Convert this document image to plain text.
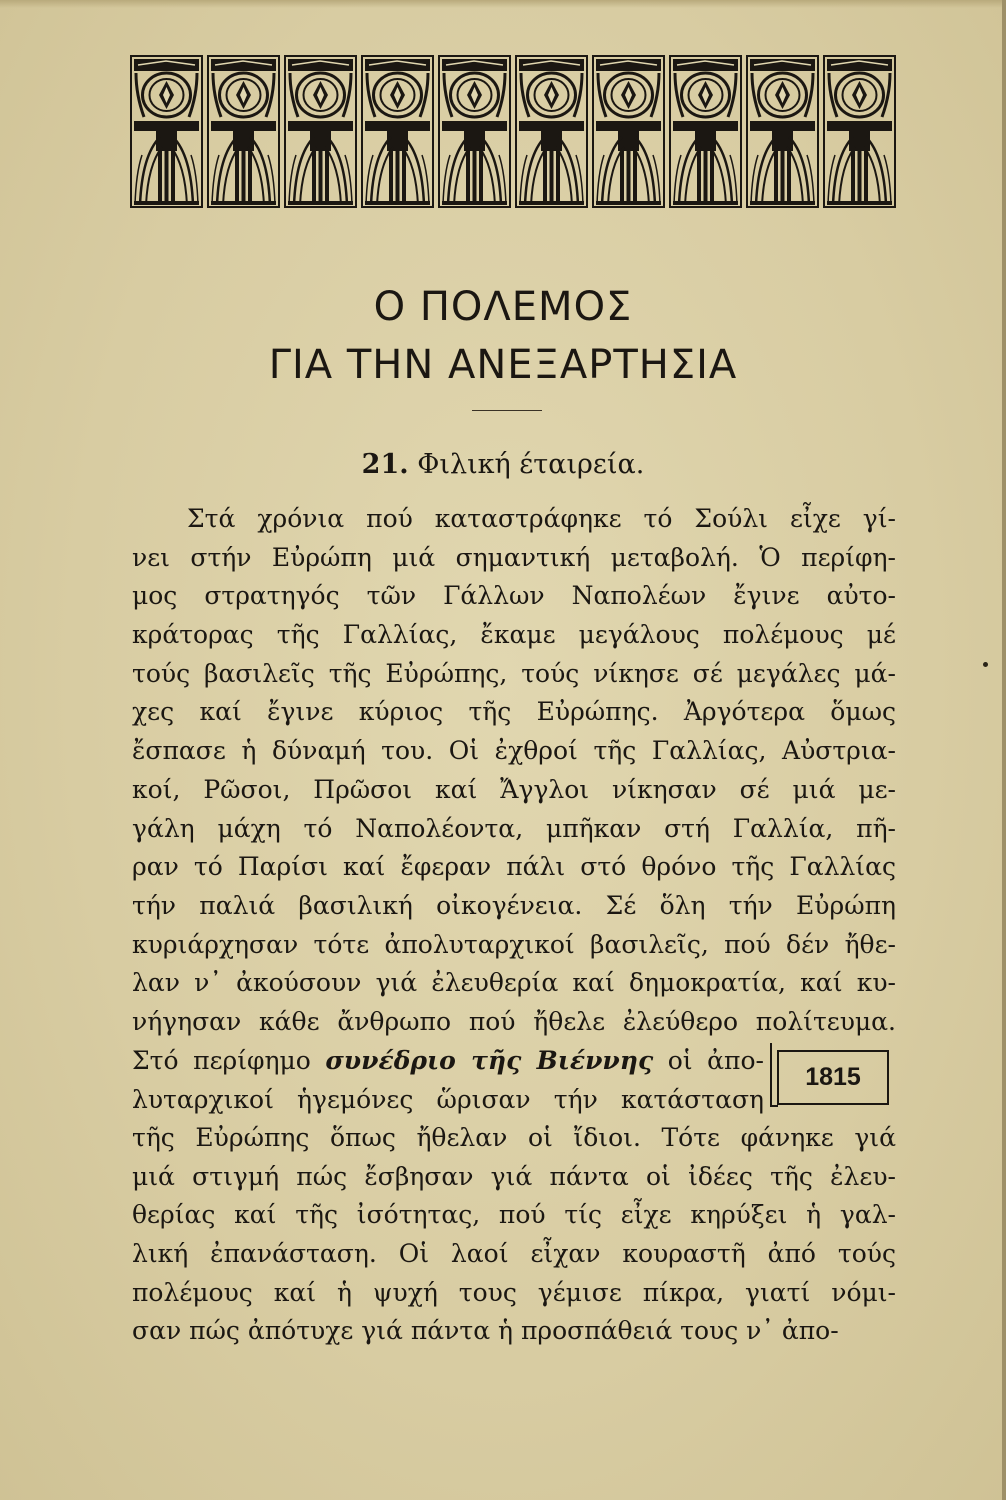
Ο ΠΟΛΕΜΟΣ
ΓΙΑ ΤΗΝ ΑΝΕΞΑΡΤΗΣΙΑ
21. Φιλική έταιρεία.
Στά χρόνια πού καταστράφηκε τό Σούλι εἶχε γί-
νει στήν Εὐρώπη μιά σημαντική μεταβολή. Ὁ περίφη-
μος στρατηγός τῶν Γάλλων Ναπολέων ἔγινε αὐτο-
κράτορας τῆς Γαλλίας, ἔκαμε μεγάλους πολέμους μέ
τούς βασιλεῖς τῆς Εὐρώπης, τούς νίκησε σέ μεγάλες μά-
χες καί ἔγινε κύριος τῆς Εὐρώπης. Ἀργότερα ὅμως
ἔσπασε ἡ δύναμή του. Οἱ ἐχθροί τῆς Γαλλίας, Αὐστρια-
κοί, Ρῶσοι, Πρῶσοι καί Ἄγγλοι νίκησαν σέ μιά με-
γάλη μάχη τό Ναπολέοντα, μπῆκαν στή Γαλλία, πῆ-
ραν τό Παρίσι καί ἔφεραν πάλι στό θρόνο τῆς Γαλλίας
τήν παλιά βασιλική οἰκογένεια. Σέ ὅλη τήν Εὐρώπη
κυριάρχησαν τότε ἀπολυταρχικοί βασιλεῖς, πού δέν ἤθε-
λαν ν᾽ ἀκούσουν γιά ἐλευθερία καί δημοκρατία, καί κυ-
νήγησαν κάθε ἄνθρωπο πού ἤθελε ἐλεύθερο πολίτευμα.
Στό περίφημο συνέδριο τῆς Βιέννης οἱ ἀπο-
λυταρχικοί ἡγεμόνες ὥρισαν τήν κατάσταση
1815
τῆς Εὐρώπης ὅπως ἤθελαν οἱ ἴδιοι. Τότε φάνηκε γιά
μιά στιγμή πώς ἔσβησαν γιά πάντα οἱ ἰδέες τῆς ἐλευ-
θερίας καί τῆς ἰσότητας, πού τίς εἶχε κηρύξει ἡ γαλ-
λική ἐπανάσταση. Οἱ λαοί εἶχαν κουραστῆ ἀπό τούς
πολέμους καί ἡ ψυχή τους γέμισε πίκρα, γιατί νόμι-
σαν πώς ἀπότυχε γιά πάντα ἡ προσπάθειά τους ν᾽ ἀπο-
